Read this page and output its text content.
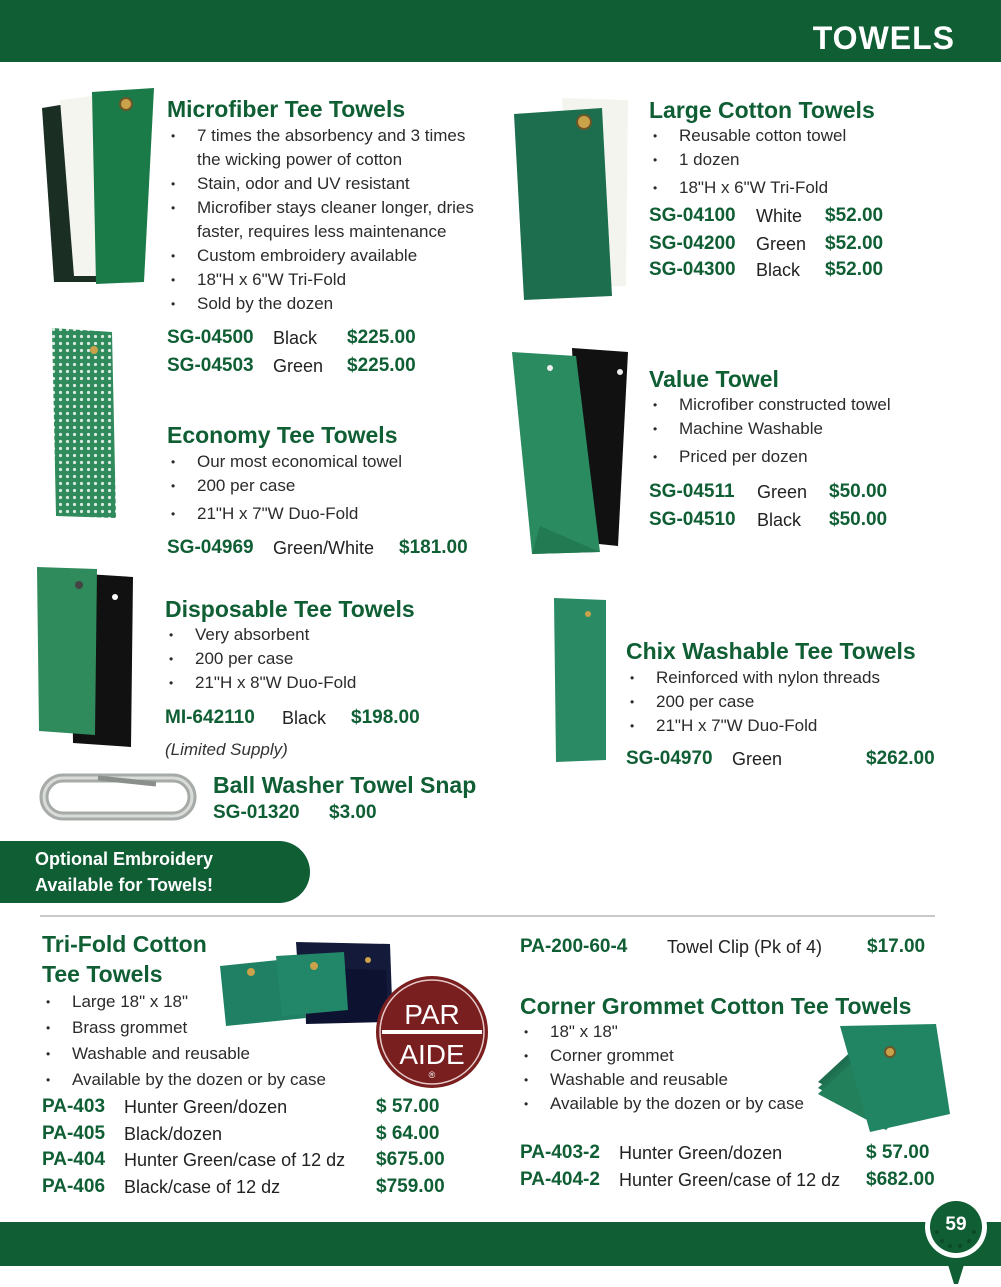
TOWELS
59
Microfiber Tee Towels
• 7 times the absorbency and 3 times
the wicking power of cotton
• Stain, odor and UV resistant
• Microfiber stays cleaner longer, dries
faster, requires less maintenance
• Custom embroidery available
• 18"H x 6"W Tri-Fold
• Sold by the dozen
SG-04500 Black $225.00
SG-04503 Green $225.00
Economy Tee Towels
• Our most economical towel
• 200 per case
• 21"H x 7"W Duo-Fold
SG-04969 Green/White $181.00
Disposable Tee Towels
• Very absorbent
• 200 per case
• 21"H x 8"W Duo-Fold
MI-642110 Black $198.00
(Limited Supply)
Ball Washer Towel Snap
SG-01320 $3.00
Large Cotton Towels
• Reusable cotton towel
• 1 dozen
• 18"H x 6"W Tri-Fold
SG-04100 White $52.00
SG-04200 Green $52.00
SG-04300 Black $52.00
Value Towel
• Microfiber constructed towel
• Machine Washable
• Priced per dozen
SG-04511 Green $50.00
SG-04510 Black $50.00
Chix Washable Tee Towels
• Reinforced with nylon threads
• 200 per case
• 21"H x 7"W Duo-Fold
SG-04970 Green	$262.00
Optional Embroidery
Available for Towels!
Tri-Fold Cotton
Tee Towels
• Large 18" x 18"
• Brass grommet
• Washable and reusable
• Available by the dozen or by case
PAR
AIDE
®
PA-403 Hunter Green/dozen	$ 57.00
PA-405 Black/dozen	$ 64.00
PA-404 Hunter Green/case of 12 dz $675.00
PA-406 Black/case of 12 dz	$759.00
PA-200-60-4 Towel Clip (Pk of 4) $17.00
Corner Grommet Cotton Tee Towels
• 18" x 18"
• Corner grommet
• Washable and reusable
• Available by the dozen or by case
PA-403-2 Hunter Green/dozen	$ 57.00
PA-404-2 Hunter Green/case of 12 dz $682.00
